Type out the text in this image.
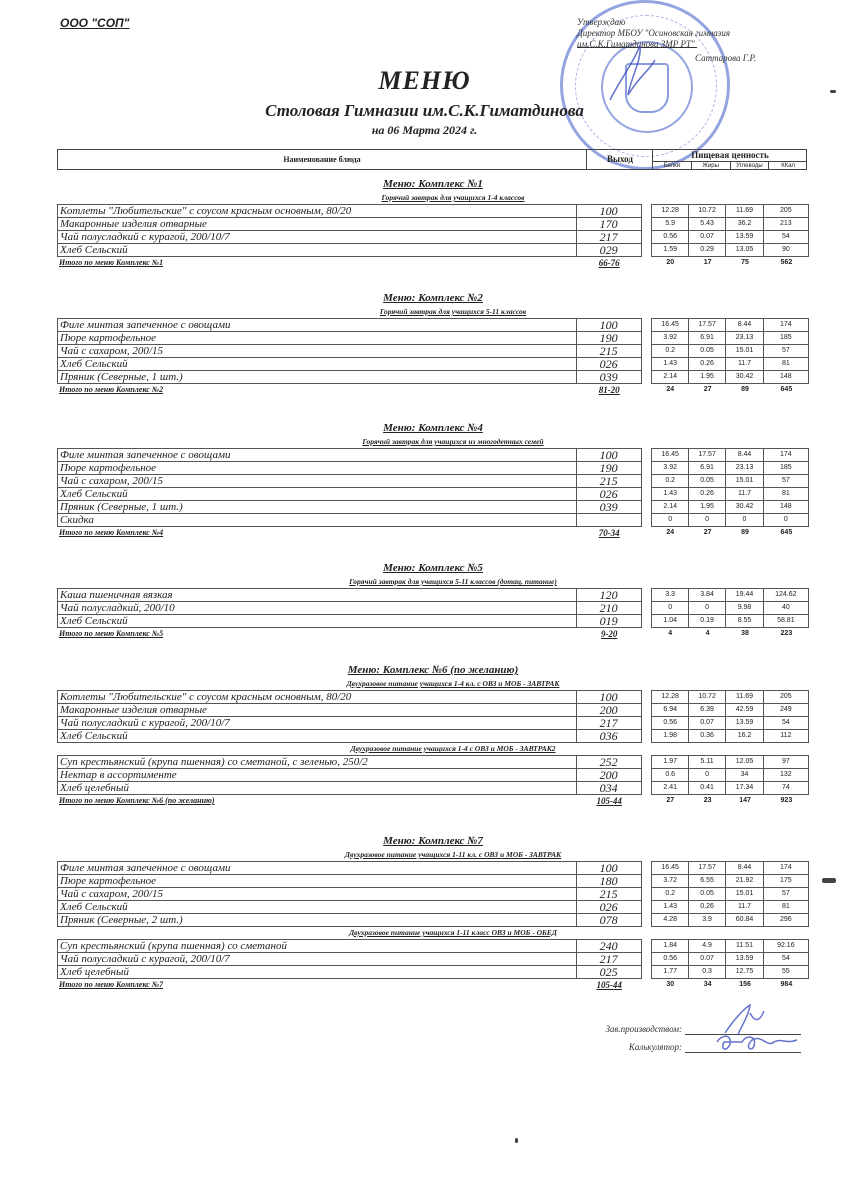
ООО "СОП"	Утверждаю
Директор МБОУ "Осиновская гимназия
им.С.К.Гиматдинова ЗМР РТ"
Саттарова Г.Р.
МЕНЮ
Столовая Гимназии им.С.К.Гиматдинова
на 06 Марта 2024 г.
Наименование блюда	Выход	Пищевая ценность
Белки	Жиры	Углеводы	ККал
Меню: Комплекс №1
Горячий завтрак для учащихся 1-4 классов
Котлеты "Любительские" с соусом красным основным, 80/20	100	12.28	10.72	11.69	205
Макаронные изделия отварные	170	5.9	5.43	36.2	213
Чай полусладкий с курагой, 200/10/7	217	0.56	0.07	13.59	54
Хлеб Сельский	029	1.59	0.29	13.05	90
Итого по меню Комплекс №1	66-76	20	17	75	562
Меню: Комплекс №2
Горячий завтрак для учащихся 5-11 классов
Филе минтая запеченное с овощами	100	16.45	17.57	8.44	174
Пюре картофельное	190	3.92	6.91	23.13	185
Чай с сахаром, 200/15	215	0.2	0.05	15.01	57
Хлеб Сельский	026	1.43	0.26	11.7	81
Пряник (Северные, 1 шт.)	039	2.14	1.95	30.42	148
Итого по меню Комплекс №2	81-20	24	27	89	645
Меню: Комплекс №4
Горячий завтрак для учащихся из многодетных семей
Филе минтая запеченное с овощами	100	16.45	17.57	8.44	174
Пюре картофельное	190	3.92	6.91	23.13	185
Чай с сахаром, 200/15	215	0.2	0.05	15.01	57
Хлеб Сельский	026	1.43	0.26	11.7	81
Пряник (Северные, 1 шт.)	039	2.14	1.95	30.42	148
Скидка	0	0	0	0
Итого по меню Комплекс №4	70-34	24	27	89	645
Меню: Комплекс №5
Горячий завтрак для учащихся 5-11 классов (дотац. питание)
Каша пшеничная вязкая	120	3.3	3.84	19.44	124.62
Чай полусладкий, 200/10	210	0	0	9.98	40
Хлеб Сельский	019	1.04	0.19	8.55	58.81
Итого по меню Комплекс №5	9-20	4	4	38	223
Меню: Комплекс №6 (по желанию)
Двухразовое питание учащихся 1-4 кл. с ОВЗ и МОБ - ЗАВТРАК
Котлеты "Любительские" с соусом красным основным, 80/20	100	12.28	10.72	11.69	205
Макаронные изделия отварные	200	6.94	6.39	42.59	249
Чай полусладкий с курагой, 200/10/7	217	0.56	0.07	13.59	54
Хлеб Сельский	036	1.98	0.36	16.2	112
Двухразовое питание учащихся 1-4 с ОВЗ и МОБ - ЗАВТРАК2
Суп крестьянский (крупа пшенная) со сметаной, с зеленью, 250/2	252	1.97	5.11	12.05	97
Нектар в ассортименте	200	0.6	0	34	132
Хлеб целебный	034	2.41	0.41	17.34	74
Итого по меню Комплекс №6 (по желанию)	105-44	27	23	147	923
Меню: Комплекс №7
Двухразовое питание учащихся 1-11 кл. с ОВЗ и МОБ - ЗАВТРАК
Филе минтая запеченное с овощами	100	16.45	17.57	8.44	174
Пюре картофельное	180	3.72	6.55	21.92	175
Чай с сахаром, 200/15	215	0.2	0.05	15.01	57
Хлеб Сельский	026	1.43	0.26	11.7	81
Пряник (Северные, 2 шт.)	078	4.28	3.9	60.84	296
Двухразовое питание учащихся 1-11 класс ОВЗ и МОБ - ОБЕД
Суп крестьянский (крупа пшенная) со сметаной	240	1.84	4.9	11.51	92.16
Чай полусладкий с курагой, 200/10/7	217	0.56	0.07	13.59	54
Хлеб целебный	025	1.77	0.3	12.75	55
Итого по меню Комплекс №7	105-44	30	34	156	984
Зав.производством:
Калькулятор:
